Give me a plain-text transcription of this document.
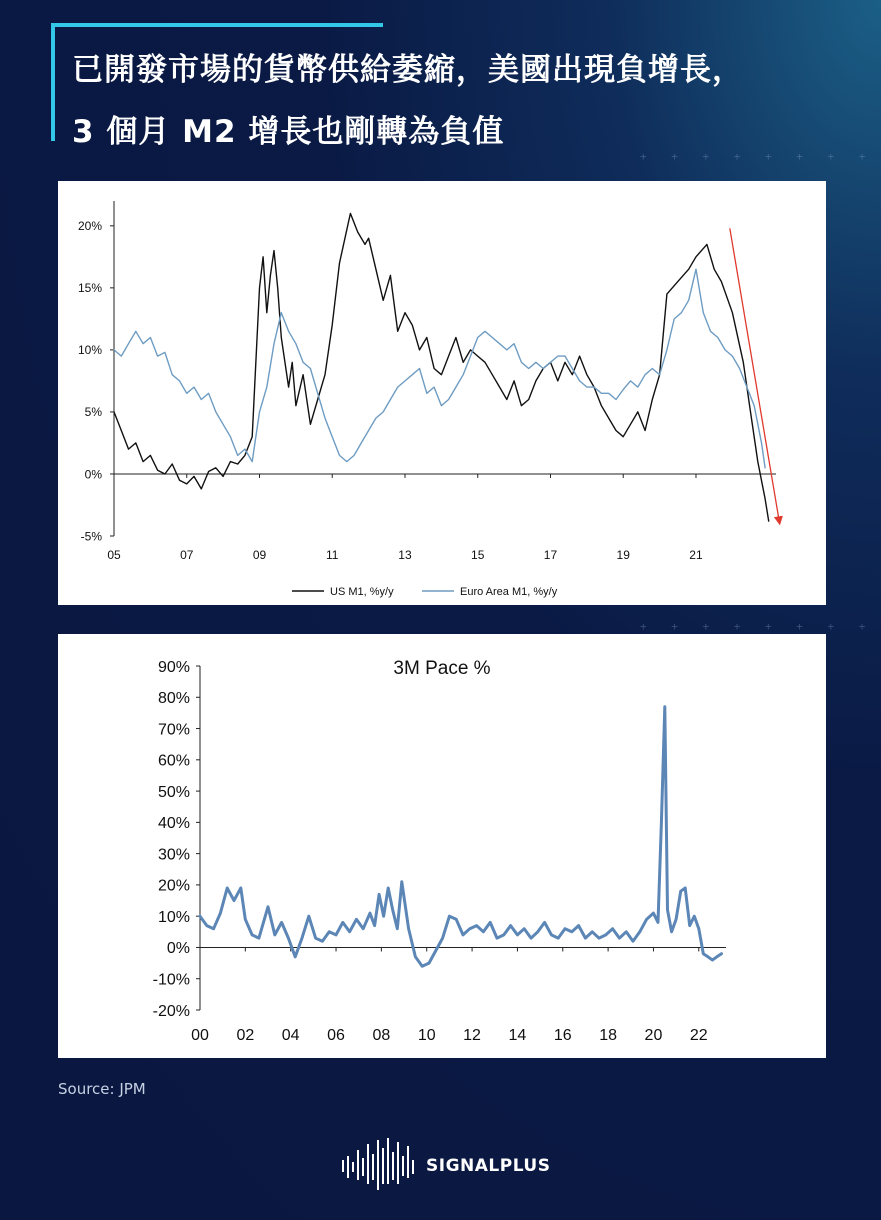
已開發市場的貨幣供給萎縮，美國出現負增長，
3 個月 M2 增長也剛轉為負值
+ + + + + + + +
+ + + + + + + +
20%
15%
10%
5%
0%
-5%
05	07	09	11	13	15	17	19	21
US M1, %y/y	Euro Area M1, %y/y
90%
80%
70%
60%
50%
40%
30%
20%
10%
0%
-10%
-20%
00 02 04 06 08 10 12 14 16 18 20 22
3M Pace %
Source: JPM
SIGNALPLUS
